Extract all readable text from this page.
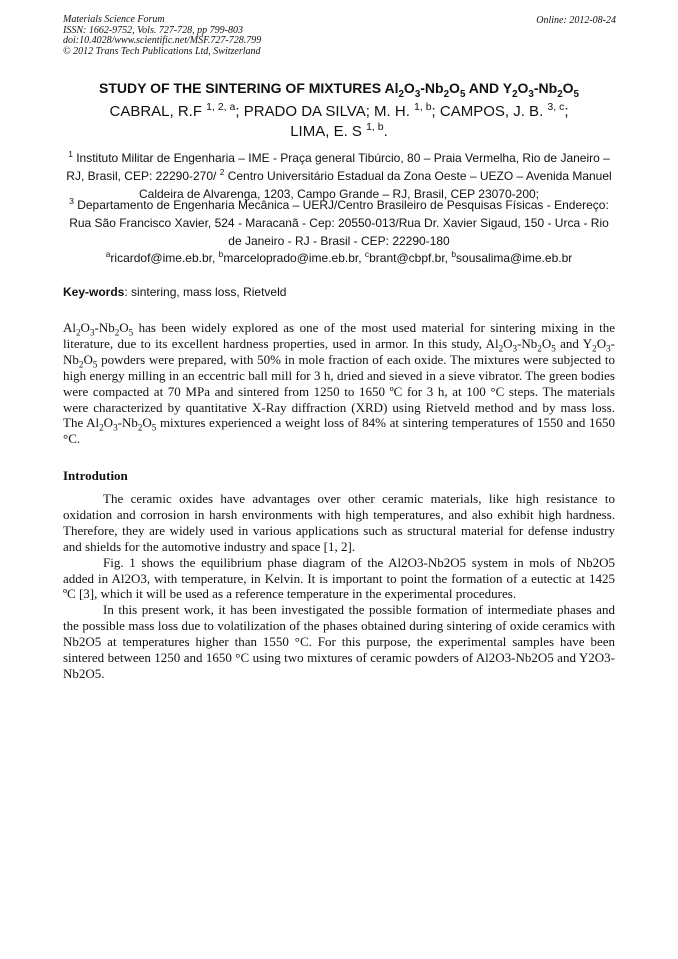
Materials Science Forum
ISSN: 1662-9752, Vols. 727-728, pp 799-803
doi:10.4028/www.scientific.net/MSF.727-728.799
© 2012 Trans Tech Publications Ltd, Switzerland
Online: 2012-08-24
STUDY OF THE SINTERING OF MIXTURES $Al_2O_3-Nb_2O_5$ AND $Y_2O_3-Nb_2O_5$
CABRAL, R.F $^{1, 2, a}$; PRADO DA SILVA; M. H. $^{1, b}$; CAMPOS, J. B. $^{3, c}$;
LIMA, E. S $^{1, b}$.
$^1$ Instituto Militar de Engenharia – IME - Praça general Tibúrcio, 80 – Praia Vermelha, Rio de Janeiro – RJ, Brasil, CEP: 22290-270/ $^2$ Centro Universitário Estadual da Zona Oeste – UEZO – Avenida Manuel Caldeira de Alvarenga, 1203, Campo Grande – RJ, Brasil, CEP 23070-200;
$^3$ Departamento de Engenharia Mecânica – UERJ/Centro Brasileiro de Pesquisas Físicas - Endereço: Rua São Francisco Xavier, 524 - Maracanã - Cep: 20550-013/Rua Dr. Xavier Sigaud, 150 - Urca - Rio de Janeiro - RJ - Brasil - CEP: 22290-180
$^a$ricardof@ime.eb.br, $^b$marceloprado@ime.eb.br, $^c$brant@cbpf.br, $^b$sousalima@ime.eb.br
Key-words: sintering, mass loss, Rietveld
$Al_2O_3-Nb_2O_5$ has been widely explored as one of the most used material for sintering mixing in the literature, due to its excellent hardness properties, used in armor. In this study, $Al_2O_3-Nb_2O_5$ and $Y_2O_3-Nb_2O_5$ powders were prepared, with 50% in mole fraction of each oxide. The mixtures were subjected to high energy milling in an eccentric ball mill for 3 h, dried and sieved in a sieve vibrator. The green bodies were compacted at 70 MPa and sintered from 1250 to 1650 ºC for 3 h, at 100 °C steps. The materials were characterized by quantitative X-Ray diffraction (XRD) using Rietveld method and by mass loss. The $Al_2O_3-Nb_2O_5$ mixtures experienced a weight loss of 84% at sintering temperatures of 1550 and 1650 °C.
Introdution

The ceramic oxides have advantages over other ceramic materials, like high resistance to oxidation and corrosion in harsh environments with high temperatures, and also exhibit high hardness. Therefore, they are widely used in various applications such as structural material for defense industry and shields for the automotive industry and space [1, 2].

Fig. 1 shows the equilibrium phase diagram of the Al2O3-Nb2O5 system in mols of Nb2O5 added in Al2O3, with temperature, in Kelvin. It is important to point the formation of a eutectic at 1425 ºC [3], which it will be used as a reference temperature in the experimental procedures.

In this present work, it has been investigated the possible formation of intermediate phases and the possible mass loss due to volatilization of the phases obtained during sintering of oxide ceramics with Nb2O5 at temperatures higher than 1550 °C. For this purpose, the experimental samples have been sintered between 1250 and 1650 °C using two mixtures of ceramic powders of Al2O3-Nb2O5 and Y2O3-Nb2O5.
